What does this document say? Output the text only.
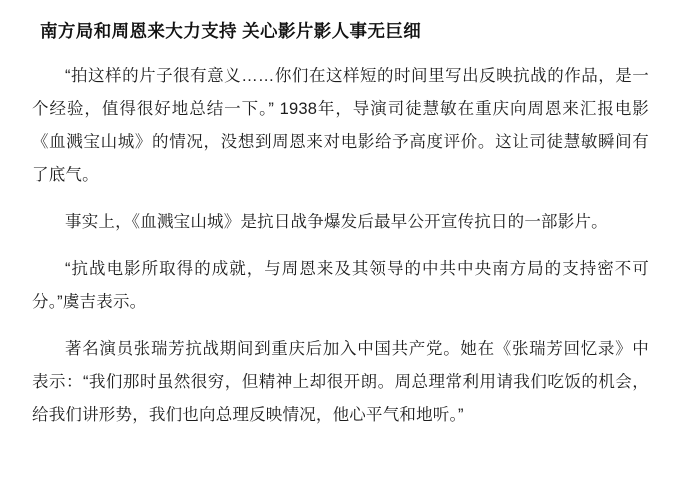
南方局和周恩来大力支持 关心影片影人事无巨细

“拍这样的片子很有意义……你们在这样短的时间里写出反映抗战的作品，是一个经验，值得很好地总结一下。” 1938年，导演司徒慧敏在重庆向周恩来汇报电影《血溅宝山城》的情况，没想到周恩来对电影给予高度评价。这让司徒慧敏瞬间有了底气。

事实上，《血溅宝山城》是抗日战争爆发后最早公开宣传抗日的一部影片。

“抗战电影所取得的成就，与周恩来及其领导的中共中央南方局的支持密不可分。”虞吉表示。

著名演员张瑞芳抗战期间到重庆后加入中国共产党。她在《张瑞芳回忆录》中表示：“我们那时虽然很穷，但精神上却很开朗。周总理常利用请我们吃饭的机会，给我们讲形势，我们也向总理反映情况，他心平气和地听。”
